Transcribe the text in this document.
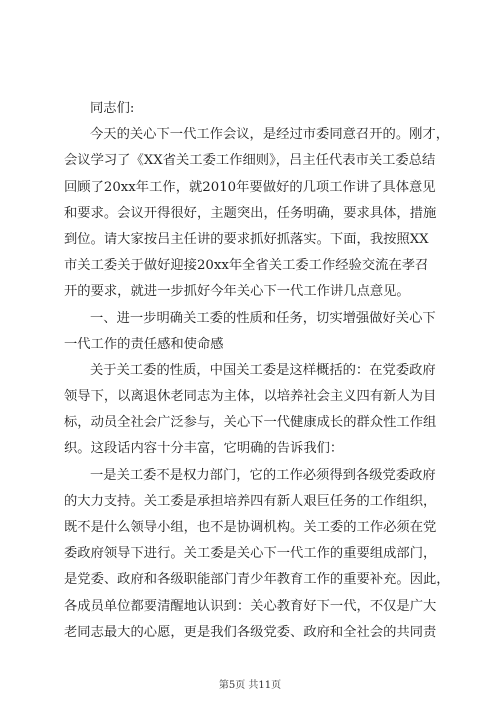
同志们:
今天的关心下一代工作会议，是经过市委同意召开的。刚才，
会议学习了《XX省关工委工作细则》，吕主任代表市关工委总结
回顾了20xx年工作，就2010年要做好的几项工作讲了具体意见
和要求。会议开得很好，主题突出，任务明确，要求具体，措施
到位。请大家按吕主任讲的要求抓好抓落实。下面，我按照XX
市关工委关于做好迎接20xx年全省关工委工作经验交流在孝召
开的要求，就进一步抓好今年关心下一代工作讲几点意见。
一、进一步明确关工委的性质和任务，切实增强做好关心下
一代工作的责任感和使命感
关于关工委的性质，中国关工委是这样概括的：在党委政府
领导下，以离退休老同志为主体，以培养社会主义四有新人为目
标，动员全社会广泛参与，关心下一代健康成长的群众性工作组
织。这段话内容十分丰富，它明确的告诉我们：
一是关工委不是权力部门，它的工作必须得到各级党委政府
的大力支持。关工委是承担培养四有新人艰巨任务的工作组织，
既不是什么领导小组，也不是协调机构。关工委的工作必须在党
委政府领导下进行。关工委是关心下一代工作的重要组成部门，
是党委、政府和各级职能部门青少年教育工作的重要补充。因此，
各成员单位都要清醒地认识到：关心教育好下一代，不仅是广大
老同志最大的心愿，更是我们各级党委、政府和全社会的共同责
第5页 共11页
